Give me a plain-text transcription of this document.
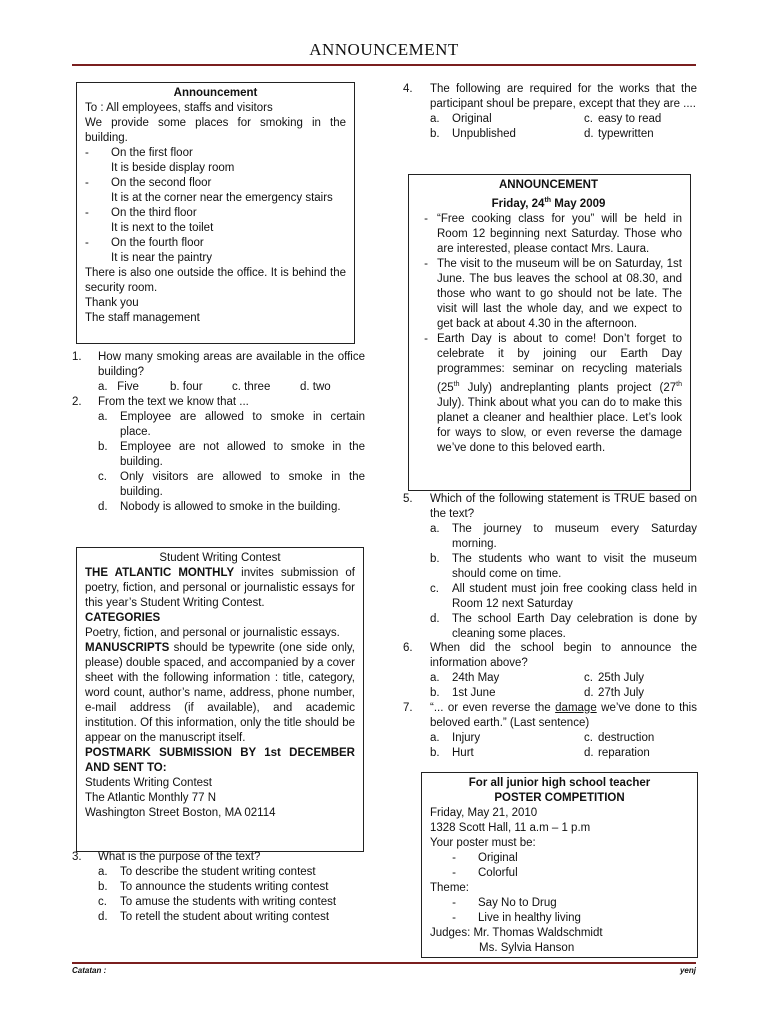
ANNOUNCEMENT
Catatan :	yenj
Announcement
To : All employees, staffs and visitors
We provide some places for smoking in the building.
-	On the first floor
It is beside display room
-	On the second floor
It is at the corner near the emergency stairs
-	On the third floor
It is next to the toilet
-	On the fourth floor
It is near the paintry
There is also one outside the office. It is behind the security room.
Thank you
The staff management
1.	How many smoking areas are available in the office building?
a.   Five	b. four	c. three	d. two
2.	From the text we know that ...
a.	Employee are allowed to smoke in certain place.
b.	Employee are not allowed to smoke in the building.
c.	Only visitors are allowed to smoke in the building.
d.	Nobody is allowed to smoke in the building.
Student Writing Contest
THE ATLANTIC MONTHLY invites submission of poetry, fiction, and personal or journalistic essays for this year’s Student Writing Contest.
CATEGORIES
Poetry, fiction, and personal or journalistic essays.
MANUSCRIPTS should be typewrite (one side only, please) double spaced, and accompanied by a cover sheet with the following information : title, category, word count, author’s name, address, phone number, e-mail address (if available), and academic institution. Of this information, only the title should be appear on the manuscript itself.
POSTMARK SUBMISSION BY 1st DECEMBER AND SENT TO:
Students Writing Contest
The Atlantic Monthly 77 N
Washington Street Boston, MA 02114
3.	What is the purpose of the text?
a.	To describe the student writing contest
b.	To announce the students writing contest
c.	To amuse the students with writing contest
d.	To retell the student about writing contest
4.	The following are required for the works that the participant shoul be prepare, except that they are ....
a.	Original	c. easy to read
b.	Unpublished	d. typewritten
ANNOUNCEMENT
Friday, 24th May 2009
- “Free cooking class for you” will be held in Room 12 beginning next Saturday. Those who are interested, please contact Mrs. Laura.
- The visit to the museum will be on Saturday, 1st June. The bus leaves the school at 08.30, and those who want to go should not be late. The visit will last the whole day, and we expect to get back at about 4.30 in the afternoon.
- Earth Day is about to come! Don’t forget to celebrate it by joining our Earth Day programmes: seminar on recycling materials (25th July) andreplanting plants project (27th July). Think about what you can do to make this planet a cleaner and healthier place. Let’s look for ways to slow, or even reverse the damage we’ve done to this beloved earth.
5.	Which of the following statement is TRUE based on the text?
a.	The journey to museum every Saturday morning.
b.	The students who want to visit the museum should come on time.
c.	All student must join free cooking class held in Room 12 next Saturday
d.	The school Earth Day celebration is done by cleaning some places.
6.	When did the school begin to announce the information above?
a.	24th May	c. 25th July
b.	1st June	d. 27th July
7.	“... or even reverse the damage we’ve done to this beloved earth.” (Last sentence)
a.	Injury	c. destruction
b.	Hurt	d. reparation
For all junior high school teacher
POSTER COMPETITION
Friday, May 21, 2010
1328 Scott Hall, 11 a.m – 1 p.m
Your poster must be:
-	Original
-	Colorful
Theme:
-	Say No to Drug
-	Live in healthy living
Judges: Mr. Thomas Waldschmidt
Ms. Sylvia Hanson
